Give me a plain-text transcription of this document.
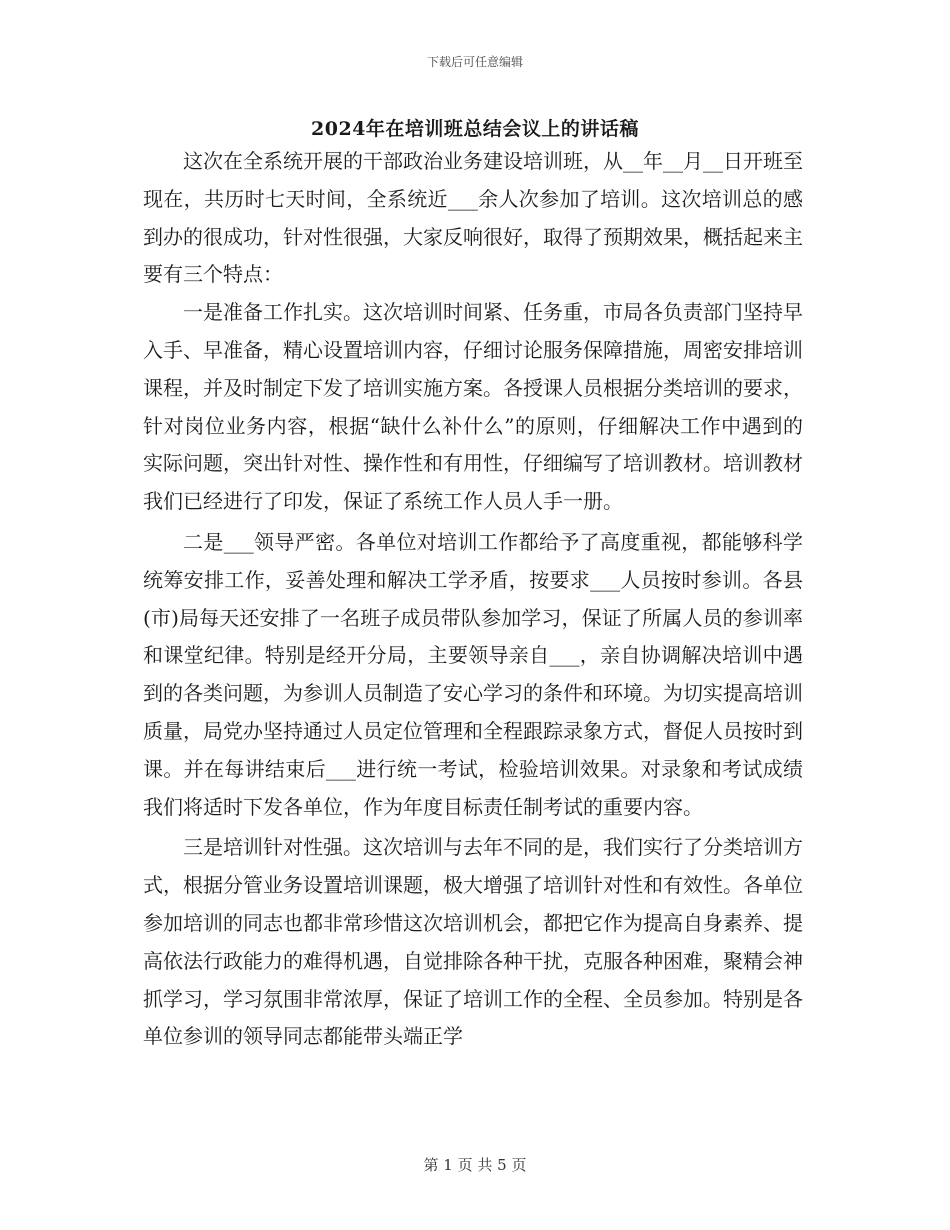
下载后可任意编辑
2024年在培训班总结会议上的讲话稿

这次在全系统开展的干部政治业务建设培训班，从__年__月__日开班至现在，共历时七天时间，全系统近___余人次参加了培训。这次培训总的感到办的很成功，针对性很强，大家反响很好，取得了预期效果，概括起来主要有三个特点：

一是准备工作扎实。这次培训时间紧、任务重，市局各负责部门坚持早入手、早准备，精心设置培训内容，仔细讨论服务保障措施，周密安排培训课程，并及时制定下发了培训实施方案。各授课人员根据分类培训的要求，针对岗位业务内容，根据“缺什么补什么”的原则，仔细解决工作中遇到的实际问题，突出针对性、操作性和有用性，仔细编写了培训教材。培训教材我们已经进行了印发，保证了系统工作人员人手一册。

二是___领导严密。各单位对培训工作都给予了高度重视，都能够科学统筹安排工作，妥善处理和解决工学矛盾，按要求___人员按时参训。各县(市)局每天还安排了一名班子成员带队参加学习，保证了所属人员的参训率和课堂纪律。特别是经开分局，主要领导亲自___，亲自协调解决培训中遇到的各类问题，为参训人员制造了安心学习的条件和环境。为切实提高培训质量，局党办坚持通过人员定位管理和全程跟踪录象方式，督促人员按时到课。并在每讲结束后___进行统一考试，检验培训效果。对录象和考试成绩我们将适时下发各单位，作为年度目标责任制考试的重要内容。

三是培训针对性强。这次培训与去年不同的是，我们实行了分类培训方式，根据分管业务设置培训课题，极大增强了培训针对性和有效性。各单位参加培训的同志也都非常珍惜这次培训机会，都把它作为提高自身素养、提高依法行政能力的难得机遇，自觉排除各种干扰，克服各种困难，聚精会神抓学习，学习氛围非常浓厚，保证了培训工作的全程、全员参加。特别是各单位参训的领导同志都能带头端正学

第 1 页 共 5 页
